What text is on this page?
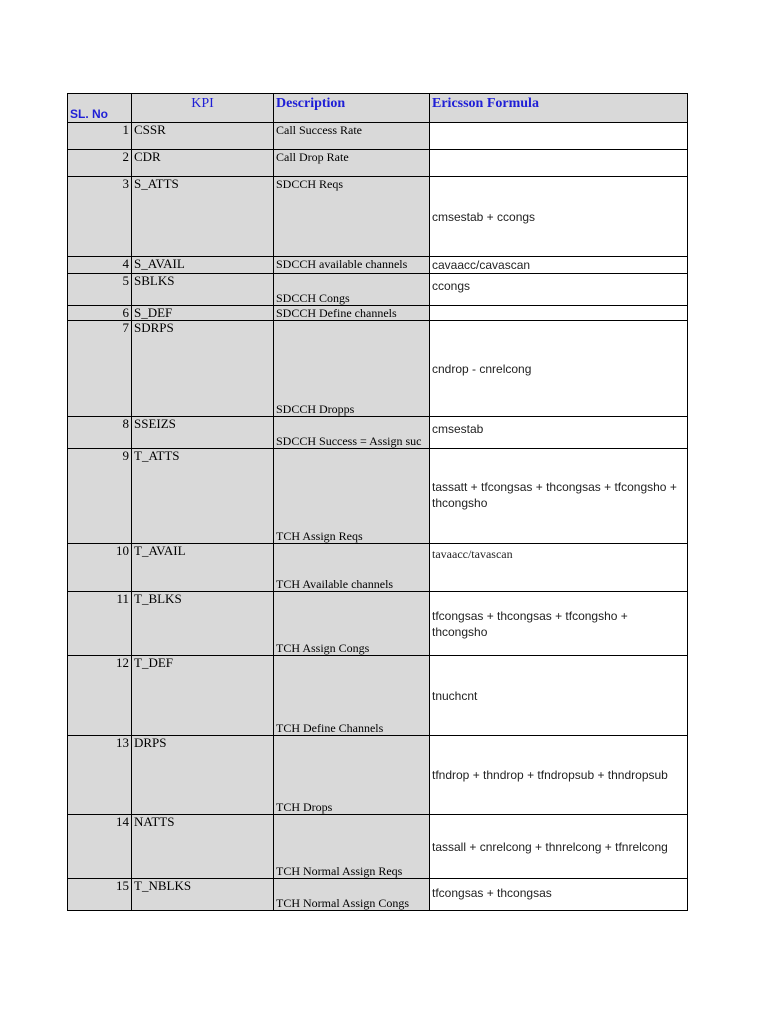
SL. No	KPI	Description	Ericsson Formula
1	CSSR	Call Success Rate	
2	CDR	Call Drop Rate	
3	S_ATTS	SDCCH Reqs	cmsestab + ccongs
4	S_AVAIL	SDCCH available channels	cavaacc/cavascan
5	SBLKS	SDCCH Congs	ccongs
6	S_DEF	SDCCH Define channels	
7	SDRPS	SDCCH Dropps	cndrop - cnrelcong
8	SSEIZS	SDCCH Success = Assign suc	cmsestab
9	T_ATTS	TCH Assign Reqs	tassatt + tfcongsas + thcongsas + tfcongsho + thcongsho
10	T_AVAIL	TCH Available channels	tavaacc/tavascan
11	T_BLKS	TCH Assign Congs	tfcongsas + thcongsas + tfcongsho + thcongsho
12	T_DEF	TCH Define Channels	tnuchcnt
13	DRPS	TCH Drops	tfndrop + thndrop + tfndropsub + thndropsub
14	NATTS	TCH Normal Assign Reqs	tassall + cnrelcong + thnrelcong + tfnrelcong
15	T_NBLKS	TCH Normal Assign Congs	tfcongsas + thcongsas
